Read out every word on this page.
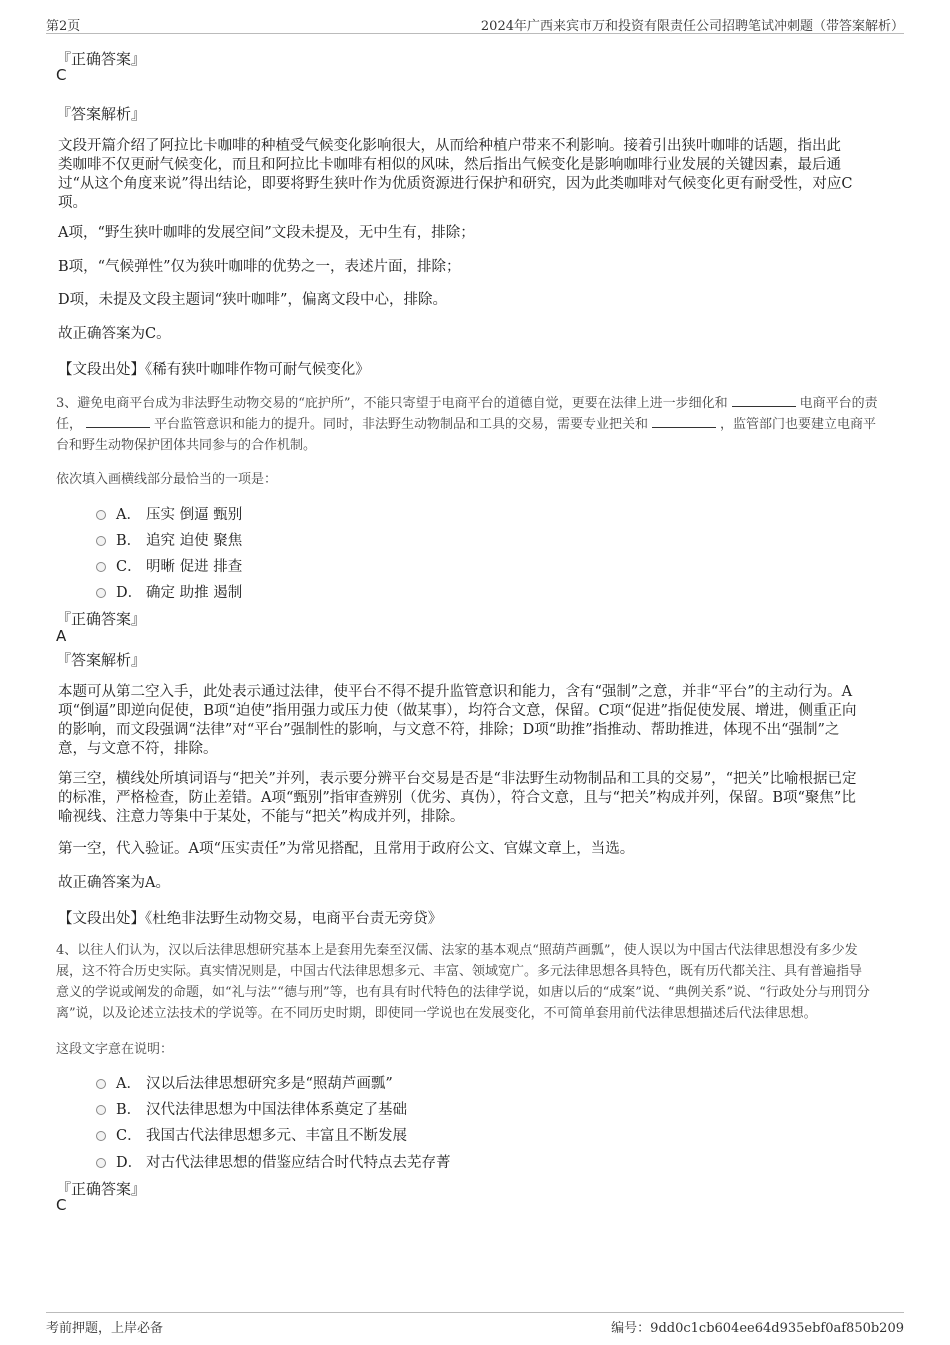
第2页	2024年广西来宾市万和投资有限责任公司招聘笔试冲刺题（带答案解析）
『正确答案』
C
『答案解析』
文段开篇介绍了阿拉比卡咖啡的种植受气候变化影响很大，从而给种植户带来不利影响。接着引出狭叶咖啡的话题，指出此
类咖啡不仅更耐气候变化，而且和阿拉比卡咖啡有相似的风味，然后指出气候变化是影响咖啡行业发展的关键因素，最后通
过“从这个角度来说”得出结论，即要将野生狭叶作为优质资源进行保护和研究，因为此类咖啡对气候变化更有耐受性，对应C
项。
A项，“野生狭叶咖啡的发展空间”文段未提及，无中生有，排除；
B项，“气候弹性”仅为狭叶咖啡的优势之一，表述片面，排除；
D项，未提及文段主题词“狭叶咖啡”，偏离文段中心，排除。
故正确答案为C。
【文段出处】《稀有狭叶咖啡作物可耐气候变化》
3、避免电商平台成为非法野生动物交易的“庇护所”，不能只寄望于电商平台的道德自觉，更要在法律上进一步细化和	电商平台的责
任，	平台监管意识和能力的提升。同时，非法野生动物制品和工具的交易，需要专业把关和	，监管部门也要建立电商平
台和野生动物保护团体共同参与的合作机制。
依次填入画横线部分最恰当的一项是：
A． 压实 倒逼 甄别
B． 追究 迫使 聚焦
C． 明晰 促进 排查
D． 确定 助推 遏制
『正确答案』
A
『答案解析』
本题可从第二空入手，此处表示通过法律，使平台不得不提升监管意识和能力，含有“强制”之意，并非“平台”的主动行为。A
项“倒逼”即逆向促使，B项“迫使”指用强力或压力使（做某事），均符合文意，保留。C项“促进”指促使发展、增进，侧重正向
的影响，而文段强调“法律”对“平台”强制性的影响，与文意不符，排除；D项“助推”指推动、帮助推进，体现不出“强制”之
意，与文意不符，排除。
第三空，横线处所填词语与“把关”并列，表示要分辨平台交易是否是“非法野生动物制品和工具的交易”，“把关”比喻根据已定
的标准，严格检查，防止差错。A项“甄别”指审查辨别（优劣、真伪），符合文意，且与“把关”构成并列，保留。B项“聚焦”比
喻视线、注意力等集中于某处，不能与“把关”构成并列，排除。
第一空，代入验证。A项“压实责任”为常见搭配，且常用于政府公文、官媒文章上，当选。
故正确答案为A。
【文段出处】《杜绝非法野生动物交易，电商平台责无旁贷》
4、以往人们认为，汉以后法律思想研究基本上是套用先秦至汉儒、法家的基本观点“照葫芦画瓢”，使人误以为中国古代法律思想没有多少发
展，这不符合历史实际。真实情况则是，中国古代法律思想多元、丰富、领域宽广。多元法律思想各具特色，既有历代都关注、具有普遍指导
意义的学说或阐发的命题，如“礼与法”“德与刑”等，也有具有时代特色的法律学说，如唐以后的“成案”说、“典例关系”说、“行政处分与刑罚分
离”说，以及论述立法技术的学说等。在不同历史时期，即使同一学说也在发展变化，不可简单套用前代法律思想描述后代法律思想。
这段文字意在说明：
A． 汉以后法律思想研究多是“照葫芦画瓢”
B． 汉代法律思想为中国法律体系奠定了基础
C． 我国古代法律思想多元、丰富且不断发展
D． 对古代法律思想的借鉴应结合时代特点去芜存菁
『正确答案』
C
考前押题，上岸必备	编号：9dd0c1cb604ee64d935ebf0af850b209
